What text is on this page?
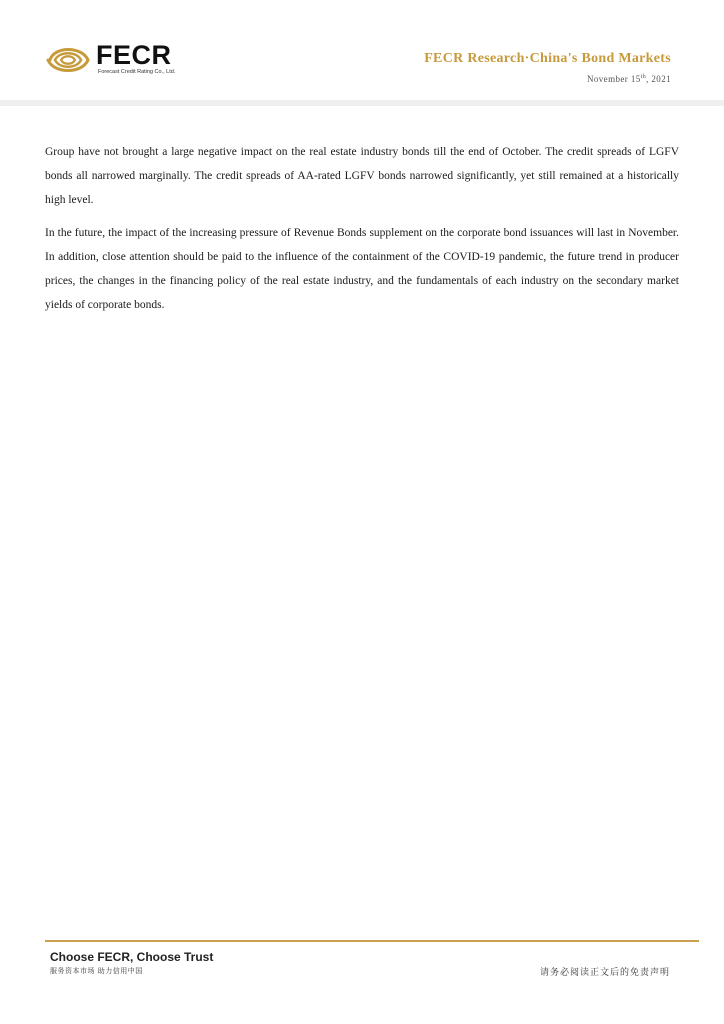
FECR
Forecast Credit Rating Co., Ltd.
FECR Research·China's Bond Markets
November 15th, 2021

Group have not brought a large negative impact on the real estate industry bonds till the end of October. The credit spreads of LGFV bonds all narrowed marginally. The credit spreads of AA-rated LGFV bonds narrowed significantly, yet still remained at a historically high level.

In the future, the impact of the increasing pressure of Revenue Bonds supplement on the corporate bond issuances will last in November. In addition, close attention should be paid to the influence of the containment of the COVID-19 pandemic, the future trend in producer prices, the changes in the financing policy of the real estate industry, and the fundamentals of each industry on the secondary market yields of corporate bonds.

Choose FECR, Choose Trust
服务资本市场 助力信用中国	请务必阅读正文后的免责声明
